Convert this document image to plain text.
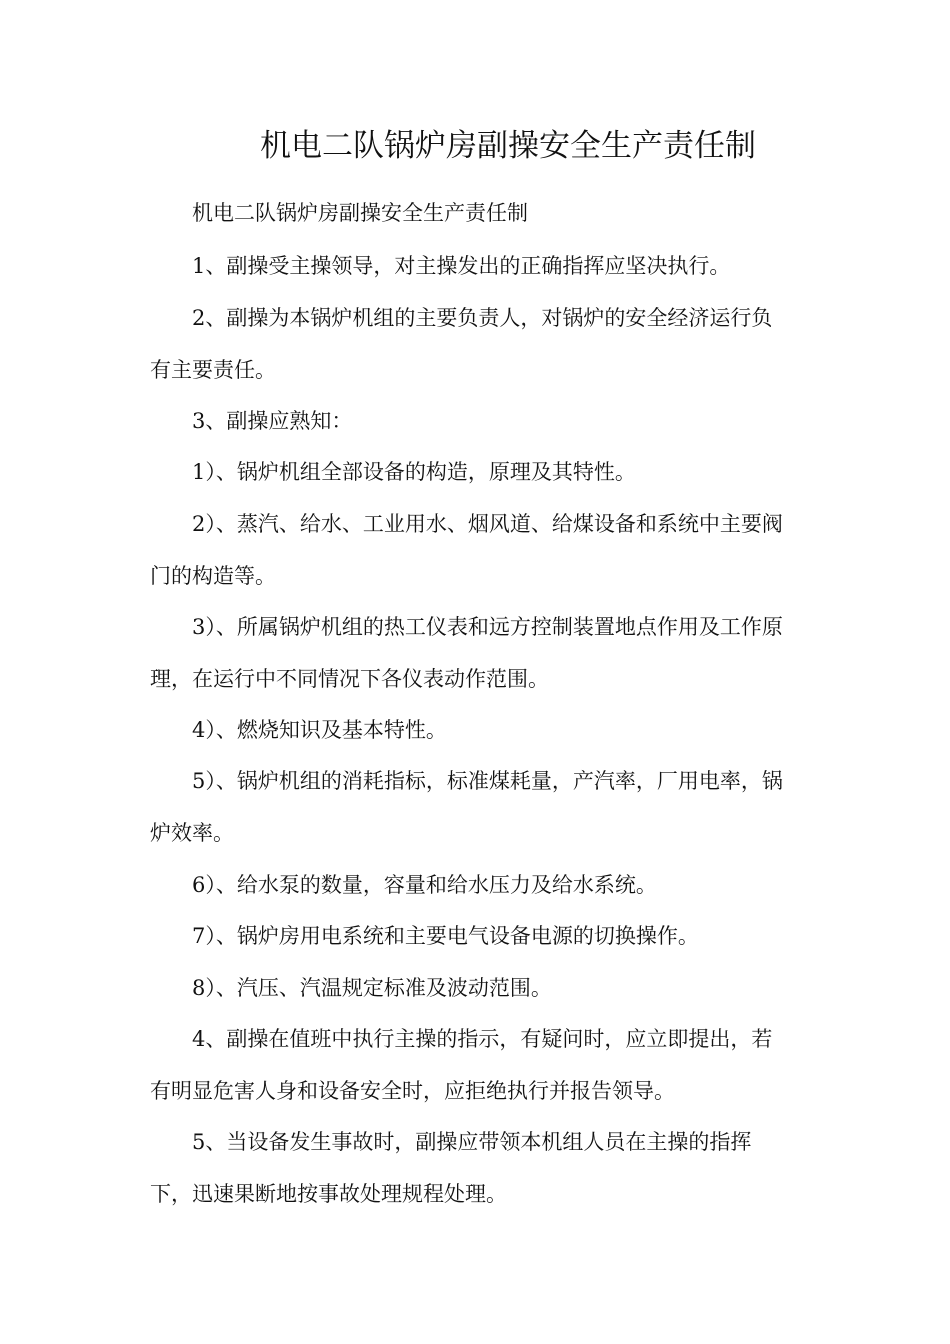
机电二队锅炉房副操安全生产责任制

机电二队锅炉房副操安全生产责任制

1、副操受主操领导，对主操发出的正确指挥应坚决执行。

2、副操为本锅炉机组的主要负责人，对锅炉的安全经济运行负有主要责任。

3、副操应熟知：

1）、锅炉机组全部设备的构造，原理及其特性。

2）、蒸汽、给水、工业用水、烟风道、给煤设备和系统中主要阀门的构造等。

3）、所属锅炉机组的热工仪表和远方控制装置地点作用及工作原理，在运行中不同情况下各仪表动作范围。

4）、燃烧知识及基本特性。

5）、锅炉机组的消耗指标，标准煤耗量，产汽率，厂用电率，锅炉效率。

6）、给水泵的数量，容量和给水压力及给水系统。

7）、锅炉房用电系统和主要电气设备电源的切换操作。

8）、汽压、汽温规定标准及波动范围。

4、副操在值班中执行主操的指示，有疑问时，应立即提出，若有明显危害人身和设备安全时，应拒绝执行并报告领导。

5、当设备发生事故时，副操应带领本机组人员在主操的指挥下，迅速果断地按事故处理规程处理。
